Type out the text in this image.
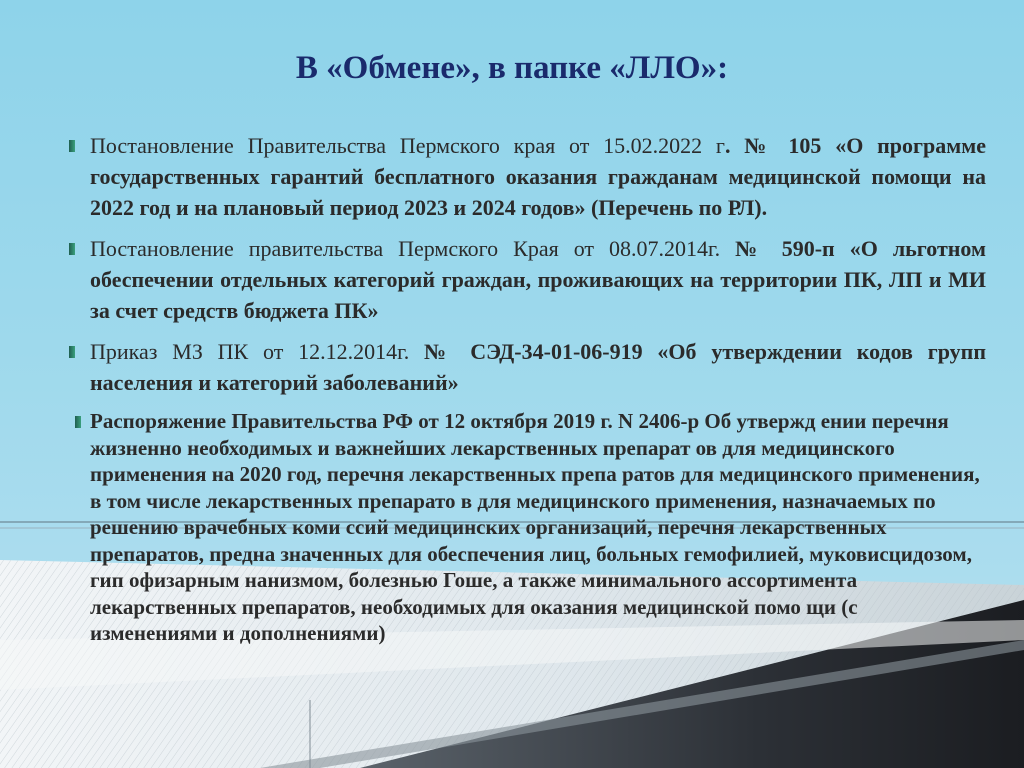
В «Обмене», в папке «ЛЛО»:
Постановление Правительства Пермского края от 15.02.2022 г. № 105 «О программе государственных гарантий бесплатного оказания гражданам медицинской помощи на 2022 год и на плановый период 2023 и 2024 годов» (Перечень по РЛ).
Постановление правительства Пермского Края от 08.07.2014г. № 590-п «О льготном обеспечении отдельных категорий граждан, проживающих на территории ПК, ЛП и МИ за счет средств бюджета ПК»
Приказ МЗ ПК от 12.12.2014г. № СЭД-34-01-06-919 «Об утверждении кодов групп населения и категорий заболеваний»
Распоряжение Правительства РФ от 12 октября 2019 г. N 2406-р Об утвержд ении перечня жизненно необходимых и важнейших лекарственных препарат ов для медицинского применения на 2020 год, перечня лекарственных препа ратов для медицинского применения, в том числе лекарственных препарато в для медицинского применения, назначаемых по решению врачебных коми ссий медицинских организаций, перечня лекарственных препаратов, предна значенных для обеспечения лиц, больных гемофилией, муковисцидозом, гип офизарным нанизмом, болезнью Гоше, а также минимального ассортимента лекарственных препаратов, необходимых для оказания медицинской помо щи (с изменениями и дополнениями)
